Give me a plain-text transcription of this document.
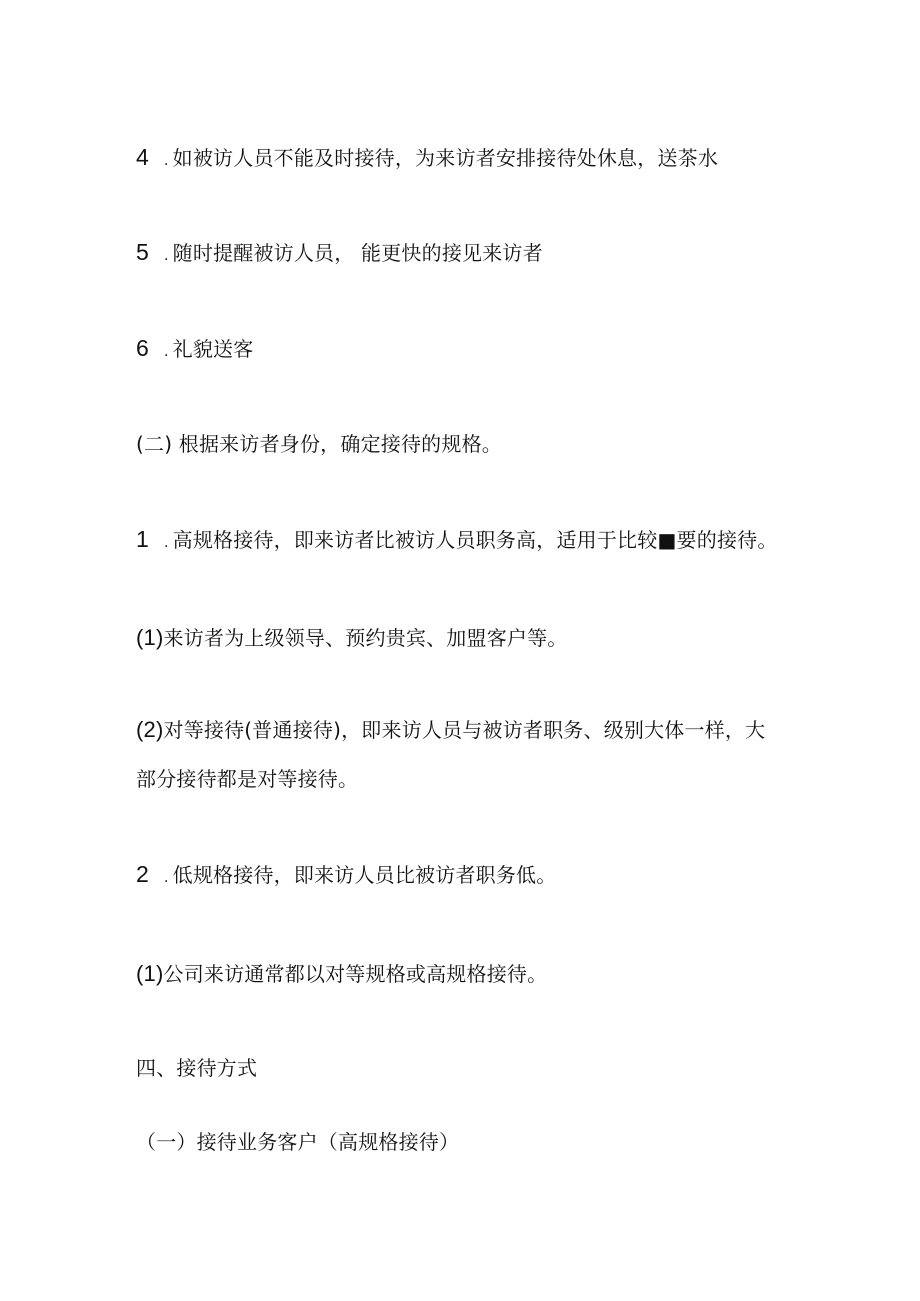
4 . 如被访人员不能及时接待，为来访者安排接待处休息，送茶水
5 . 随时提醒被访人员， 能更快的接见来访者
6 . 礼貌送客
(二) 根据来访者身份，确定接待的规格。
1 . 高规格接待，即来访者比被访人员职务高，适用于比较■要的接待。
(1)来访者为上级领导、预约贵宾、加盟客户等。
(2)对等接待(普通接待)，即来访人员与被访者职务、级别大体一样，大
部分接待都是对等接待。
2 . 低规格接待，即来访人员比被访者职务低。
(1)公司来访通常都以对等规格或高规格接待。
四、接待方式
（一）接待业务客户（高规格接待）
